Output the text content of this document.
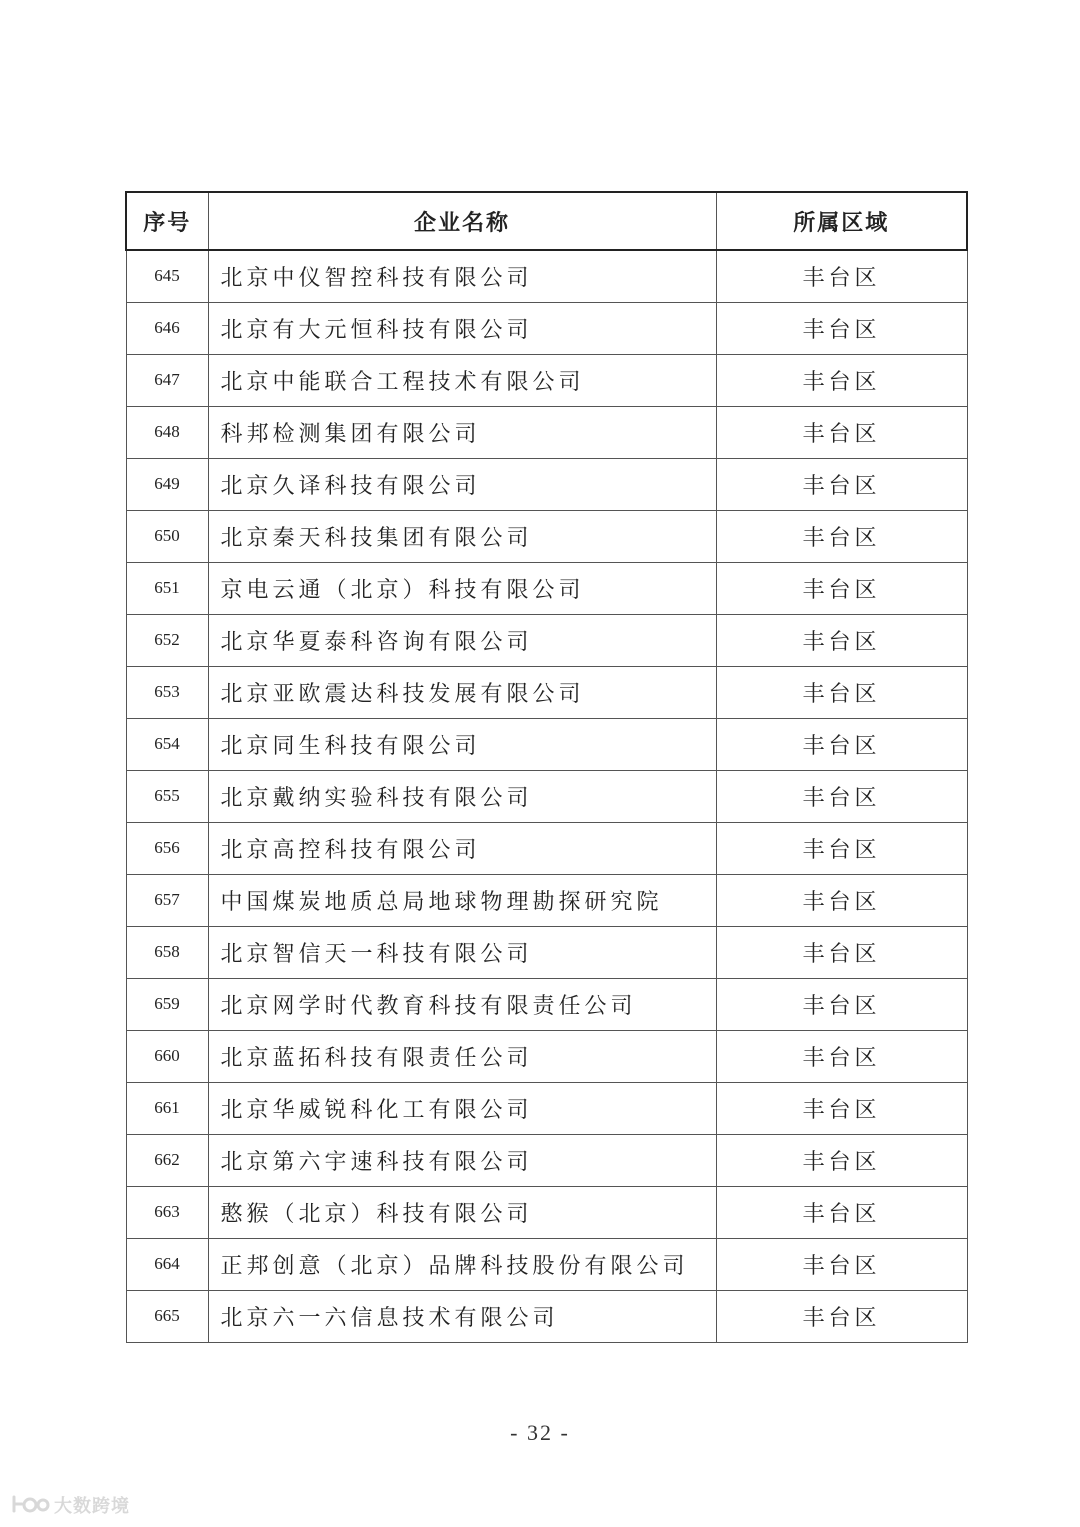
序号	企业名称	所属区域
645	北京中仪智控科技有限公司	丰台区
646	北京有大元恒科技有限公司	丰台区
647	北京中能联合工程技术有限公司	丰台区
648	科邦检测集团有限公司	丰台区
649	北京久译科技有限公司	丰台区
650	北京秦天科技集团有限公司	丰台区
651	京电云通（北京）科技有限公司	丰台区
652	北京华夏泰科咨询有限公司	丰台区
653	北京亚欧震达科技发展有限公司	丰台区
654	北京同生科技有限公司	丰台区
655	北京戴纳实验科技有限公司	丰台区
656	北京高控科技有限公司	丰台区
657	中国煤炭地质总局地球物理勘探研究院	丰台区
658	北京智信天一科技有限公司	丰台区
659	北京网学时代教育科技有限责任公司	丰台区
660	北京蓝拓科技有限责任公司	丰台区
661	北京华威锐科化工有限公司	丰台区
662	北京第六宇速科技有限公司	丰台区
663	憨猴（北京）科技有限公司	丰台区
664	正邦创意（北京）品牌科技股份有限公司	丰台区
665	北京六一六信息技术有限公司	丰台区
- 32 -
大数跨境
